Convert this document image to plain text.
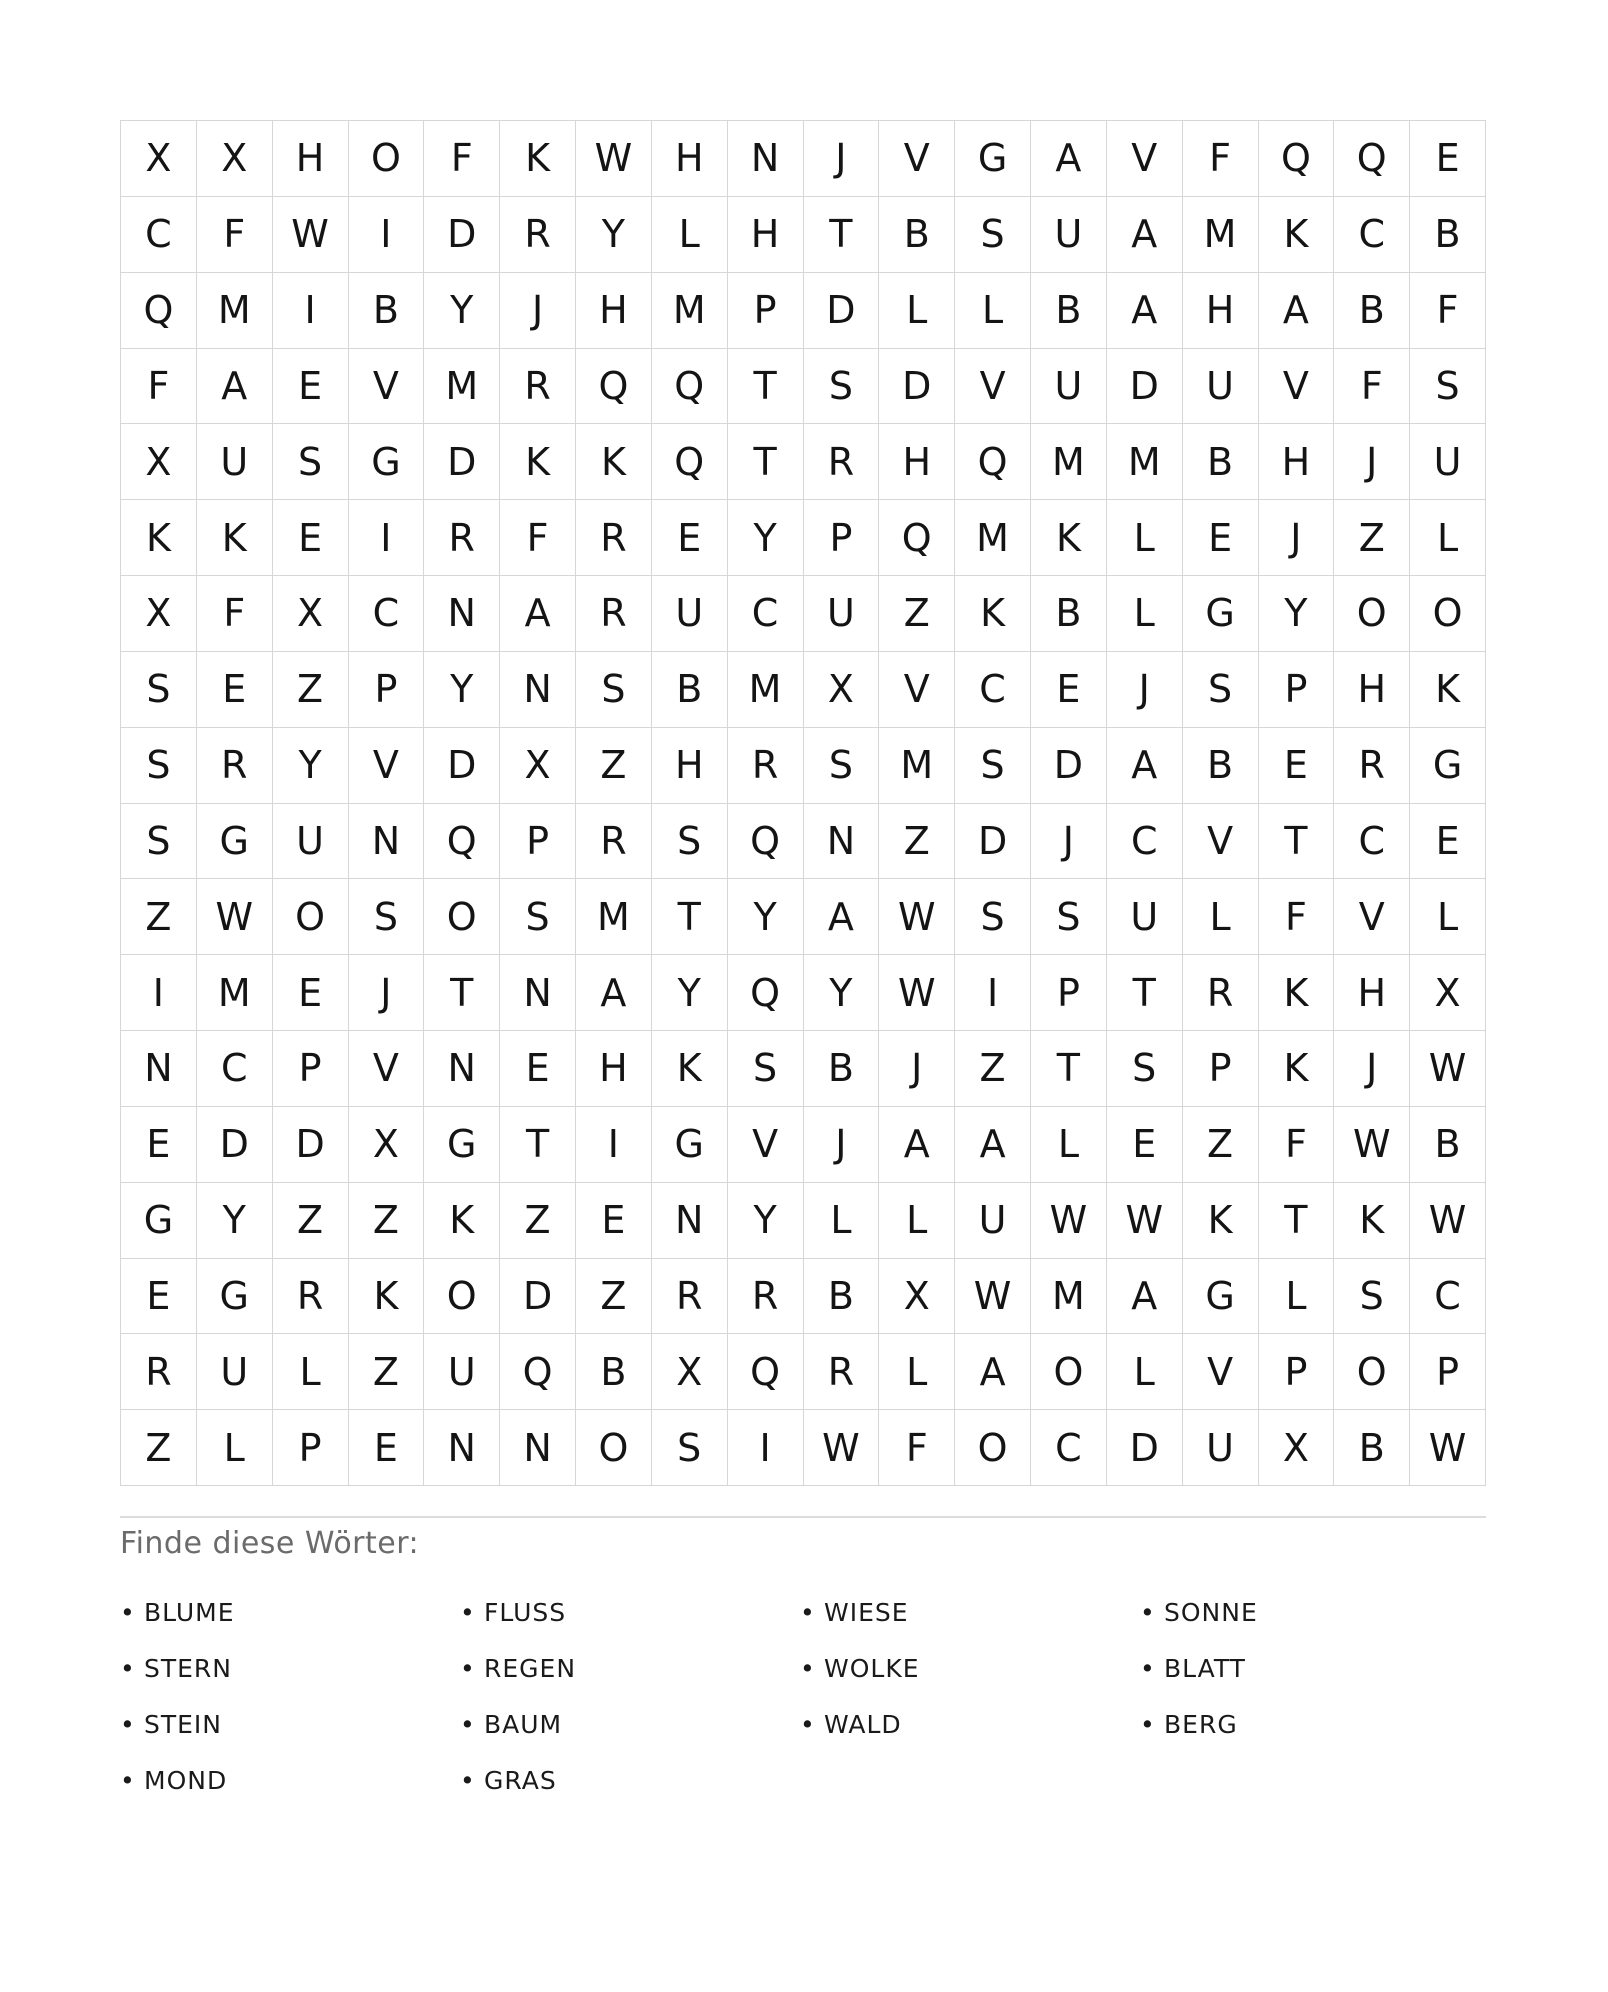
X	X	H	O	F	K	W	H	N	J	V	G	A	V	F	Q	Q	E
C	F	W	I	D	R	Y	L	H	T	B	S	U	A	M	K	C	B
Q	M	I	B	Y	J	H	M	P	D	L	L	B	A	H	A	B	F
F	A	E	V	M	R	Q	Q	T	S	D	V	U	D	U	V	F	S
X	U	S	G	D	K	K	Q	T	R	H	Q	M	M	B	H	J	U
K	K	E	I	R	F	R	E	Y	P	Q	M	K	L	E	J	Z	L
X	F	X	C	N	A	R	U	C	U	Z	K	B	L	G	Y	O	O
S	E	Z	P	Y	N	S	B	M	X	V	C	E	J	S	P	H	K
S	R	Y	V	D	X	Z	H	R	S	M	S	D	A	B	E	R	G
S	G	U	N	Q	P	R	S	Q	N	Z	D	J	C	V	T	C	E
Z	W	O	S	O	S	M	T	Y	A	W	S	S	U	L	F	V	L
I	M	E	J	T	N	A	Y	Q	Y	W	I	P	T	R	K	H	X
N	C	P	V	N	E	H	K	S	B	J	Z	T	S	P	K	J	W
E	D	D	X	G	T	I	G	V	J	A	A	L	E	Z	F	W	B
G	Y	Z	Z	K	Z	E	N	Y	L	L	U	W	W	K	T	K	W
E	G	R	K	O	D	Z	R	R	B	X	W	M	A	G	L	S	C
R	U	L	Z	U	Q	B	X	Q	R	L	A	O	L	V	P	O	P
Z	L	P	E	N	N	O	S	I	W	F	O	C	D	U	X	B	W
Finde diese Wörter:
• BLUME	• FLUSS	• WIESE	• SONNE
• STERN	• REGEN	• WOLKE	• BLATT
• STEIN	• BAUM	• WALD	• BERG
• MOND	• GRAS
